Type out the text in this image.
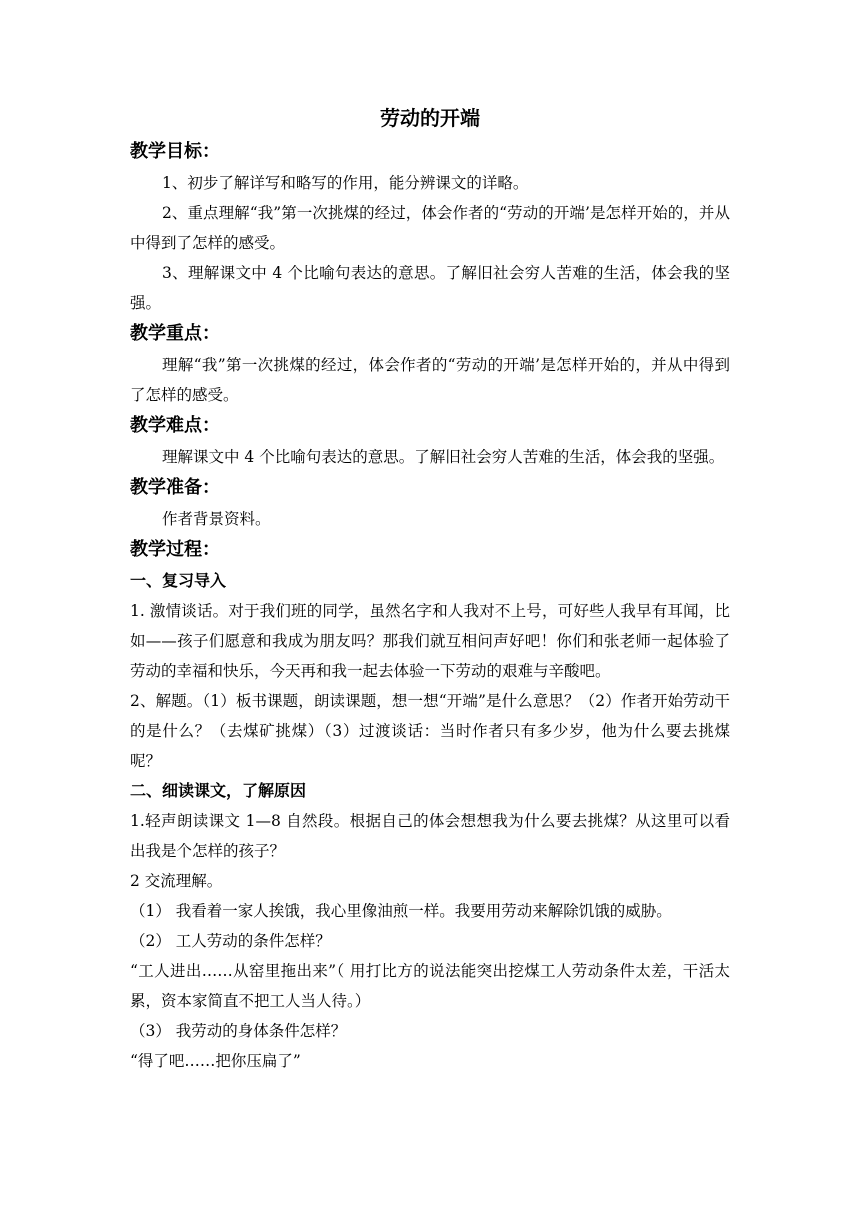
劳动的开端
教学目标：

1、初步了解详写和略写的作用，能分辨课文的详略。

2、重点理解“我”第一次挑煤的经过，体会作者的“劳动的开端’是怎样开始的，并从中得到了怎样的感受。

3、理解课文中 4 个比喻句表达的意思。了解旧社会穷人苦难的生活，体会我的坚强。

教学重点：

理解“我”第一次挑煤的经过，体会作者的“劳动的开端’是怎样开始的，并从中得到了怎样的感受。

教学难点：

理解课文中 4 个比喻句表达的意思。了解旧社会穷人苦难的生活，体会我的坚强。

教学准备：

作者背景资料。

教学过程：
一、复习导入

1. 激情谈话。对于我们班的同学，虽然名字和人我对不上号，可好些人我早有耳闻，比如——孩子们愿意和我成为朋友吗？那我们就互相问声好吧！你们和张老师一起体验了劳动的幸福和快乐，今天再和我一起去体验一下劳动的艰难与辛酸吧。

2、解题。（1）板书课题，朗读课题，想一想“开端”是什么意思？（2）作者开始劳动干的是什么？（去煤矿挑煤）（3）过渡谈话：当时作者只有多少岁，他为什么要去挑煤呢？

二、细读课文，了解原因

1.轻声朗读课文 1—8 自然段。根据自己的体会想想我为什么要去挑煤？从这里可以看出我是个怎样的孩子？

2 交流理解。

（1） 我看着一家人挨饿，我心里像油煎一样。我要用劳动来解除饥饿的威胁。

（2） 工人劳动的条件怎样？

“工人进出……从窑里拖出来”（ 用打比方的说法能突出挖煤工人劳动条件太差，干活太累，资本家简直不把工人当人待。）

（3） 我劳动的身体条件怎样？

“得了吧……把你压扁了”
